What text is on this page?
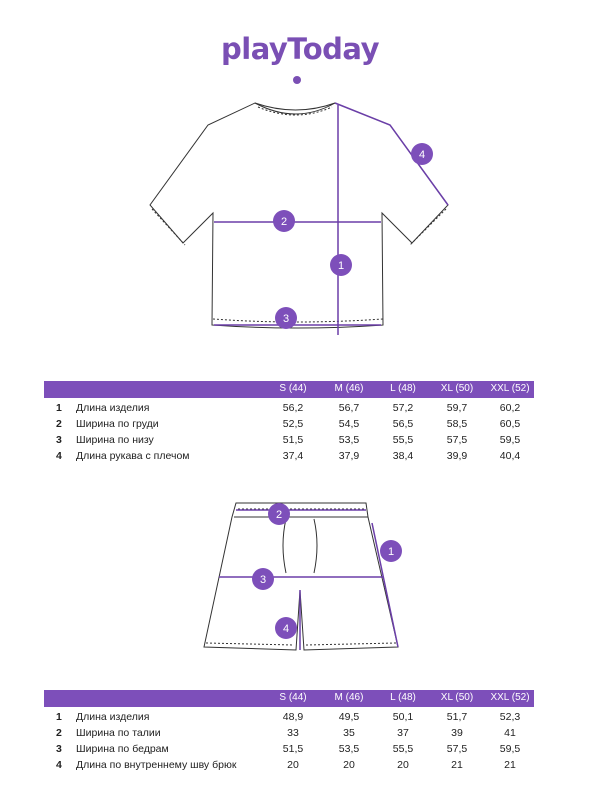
playToday
1
2
3
4
S (44)	M (46)	L (48)	XL (50)	XXL (52)
1 Длина изделия	56,2	56,7	57,2	59,7	60,2
2 Ширина по груди	52,5	54,5	56,5	58,5	60,5
3 Ширина по низу	51,5	53,5	55,5	57,5	59,5
4 Длина рукава с плечом	37,4	37,9	38,4	39,9	40,4
1
2
3
4
S (44)	M (46)	L (48)	XL (50)	XXL (52)
1 Длина изделия	48,9	49,5	50,1	51,7	52,3
2 Ширина по талии	33	35	37	39	41
3 Ширина по бедрам	51,5	53,5	55,5	57,5	59,5
4 Длина по внутреннему шву брюк	20	20	20	21	21
